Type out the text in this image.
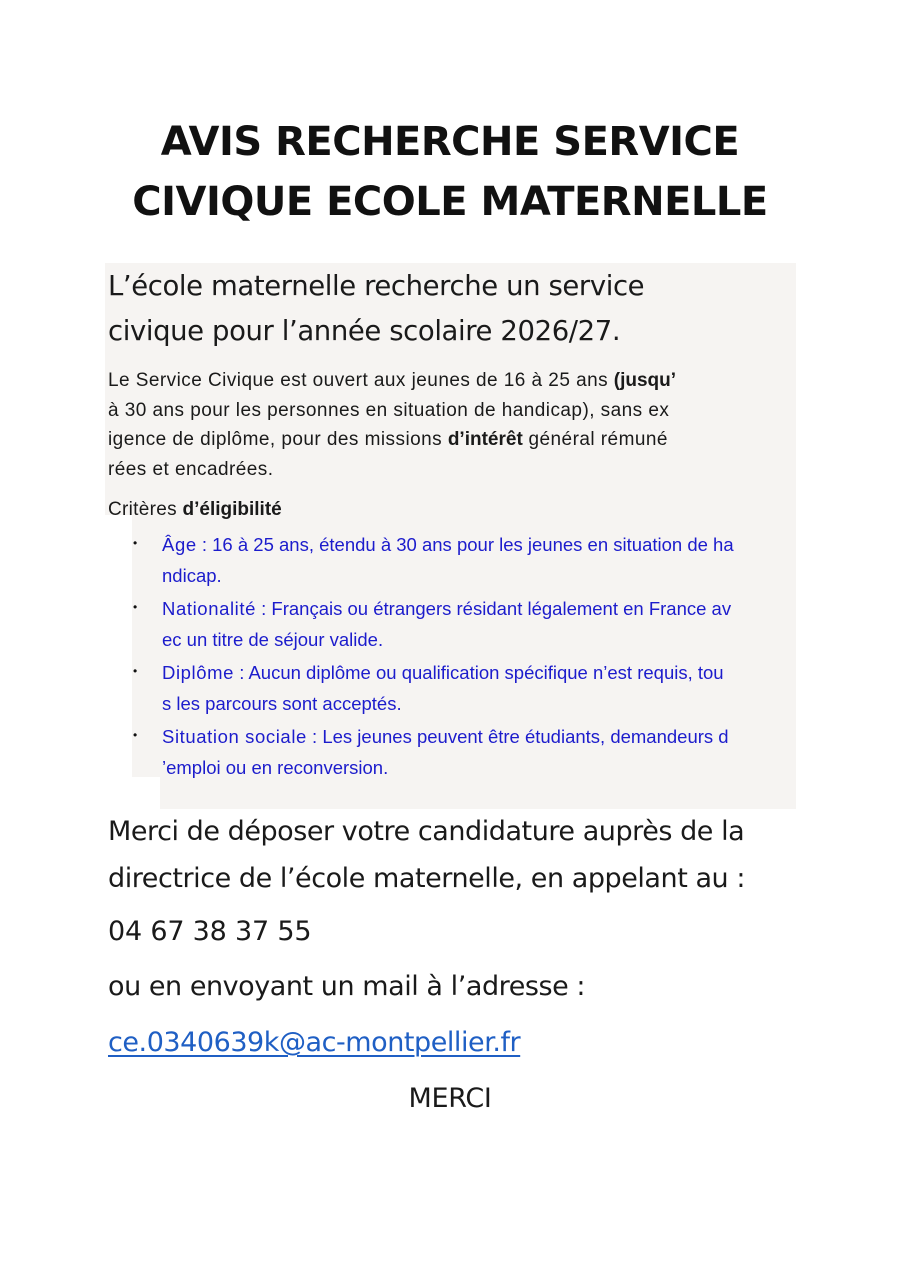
AVIS RECHERCHE SERVICE
CIVIQUE ECOLE MATERNELLE

L’école maternelle recherche un service
civique pour l’année scolaire 2026/27.

Le Service Civique est ouvert aux jeunes de 16 à 25 ans (jusqu’
à 30 ans pour les personnes en situation de handicap), sans ex
igence de diplôme, pour des missions d’intérêt général rémuné
rées et encadrées.

Critères d’éligibilité

• Âge : 16 à 25 ans, étendu à 30 ans pour les jeunes en situation de ha
ndicap.
• Nationalité : Français ou étrangers résidant légalement en France av
ec un titre de séjour valide.
• Diplôme : Aucun diplôme ou qualification spécifique n’est requis, tou
s les parcours sont acceptés.
• Situation sociale : Les jeunes peuvent être étudiants, demandeurs d
’emploi ou en reconversion.

Merci de déposer votre candidature auprès de la
directrice de l’école maternelle, en appelant au :

04 67 38 37 55

ou en envoyant un mail à l’adresse :

ce.0340639k@ac-montpellier.fr

MERCI
